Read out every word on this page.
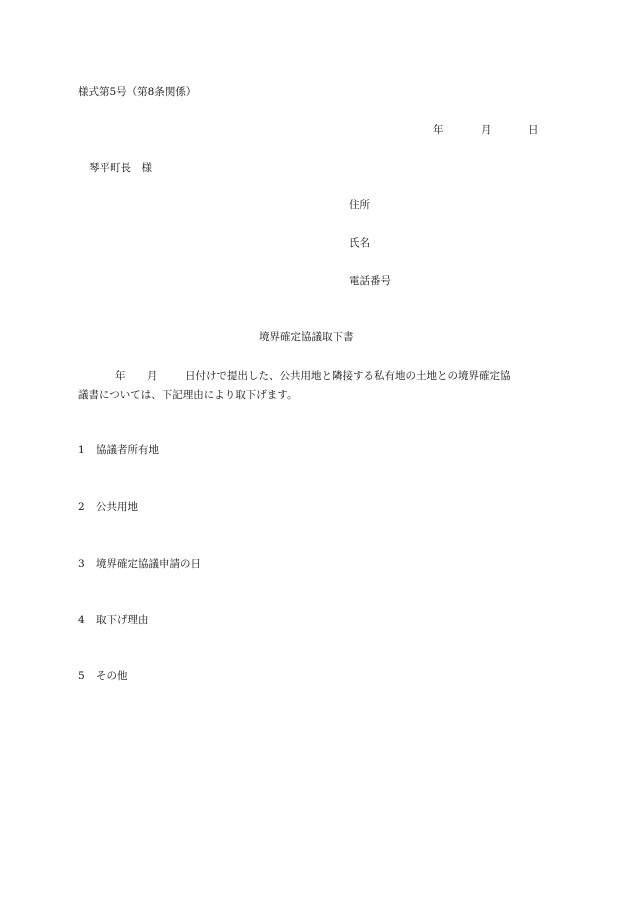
様式第5号（第8条関係）
年	月	日
琴平町長　様
住所
氏名
電話番号
境界確定協議取下書
年 月	日付けで提出した、公共用地と隣接する私有地の土地との境界確定協
議書については、下記理由により取下げます。
1 協議者所有地
2 公共用地
3 境界確定協議申請の日
4 取下げ理由
5 その他
